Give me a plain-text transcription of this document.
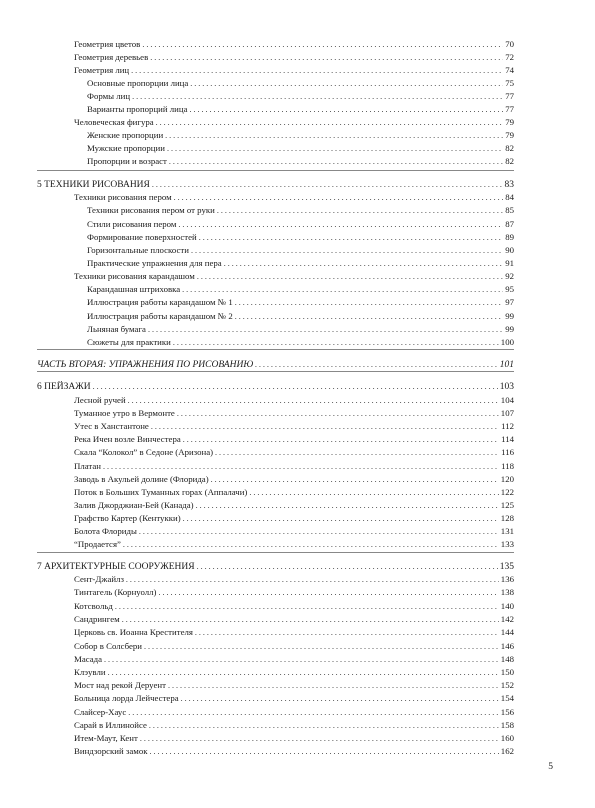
5
Геометрия цветов . . .	70
Геометрия деревьев . . .	72
Геометрия лиц . . .	74
Основные пропорции лица . . .	75
Формы лиц . . .	77
Варианты пропорций лица . . .	77
Человеческая фигура . . .	79
Женские пропорции . . .	79
Мужские пропорции . . .	82
Пропорции и возраст . . .	82
5 ТЕХНИКИ РИСОВАНИЯ . . .	83
Техники рисования пером . . .	84
Техники рисования пером от руки . . .	85
Стили рисования пером . . .	87
Формирование поверхностей . . .	89
Горизонтальные плоскости . . .	90
Практические упражнения для пера . . .	91
Техники рисования карандашом . . .	92
Карандашная штриховка . . .	95
Иллюстрация работы карандашом № 1 . . .	97
Иллюстрация работы карандашом № 2 . . .	99
Льняная бумага . . .	99
Сюжеты для практики . . .	100
ЧАСТЬ ВТОРАЯ: УПРАЖНЕНИЯ ПО РИСОВАНИЮ . . .	101
6 ПЕЙЗАЖИ . . .	103
Лесной ручей . . .	104
Туманное утро в Вермонте . . .	107
Утес в Ханстантоне . . .	112
Река Ичен возле Винчестера . . .	114
Скала “Колокол” в Седоне (Аризона) . . .	116
Платан . . .	118
Заводь в Акульей долине (Флорида) . . .	120
Поток в Больших Туманных горах (Аппалачи) . . .	122
Залив Джорджиан-Бей (Канада) . . .	125
Графство Картер (Кентукки) . . .	128
Болота Флориды . . .	131
“Продается” . . .	133
7 АРХИТЕКТУРНЫЕ СООРУЖЕНИЯ . . .	135
Сент-Джайлз . . .	136
Тинтагель (Корнуолл) . . .	138
Котсвольд . . .	140
Сандрингем . . .	142
Церковь св. Иоанна Крестителя . . .	144
Собор в Солсбери . . .	146
Масада . . .	148
Клэувли . . .	150
Мост над рекой Деруент . . .	152
Больница лорда Лейчестера . . .	154
Слайсер-Хаус . . .	156
Сарай в Иллинойсе . . .	158
Итем-Маут, Кент . . .	160
Виндзорский замок . . .	162
